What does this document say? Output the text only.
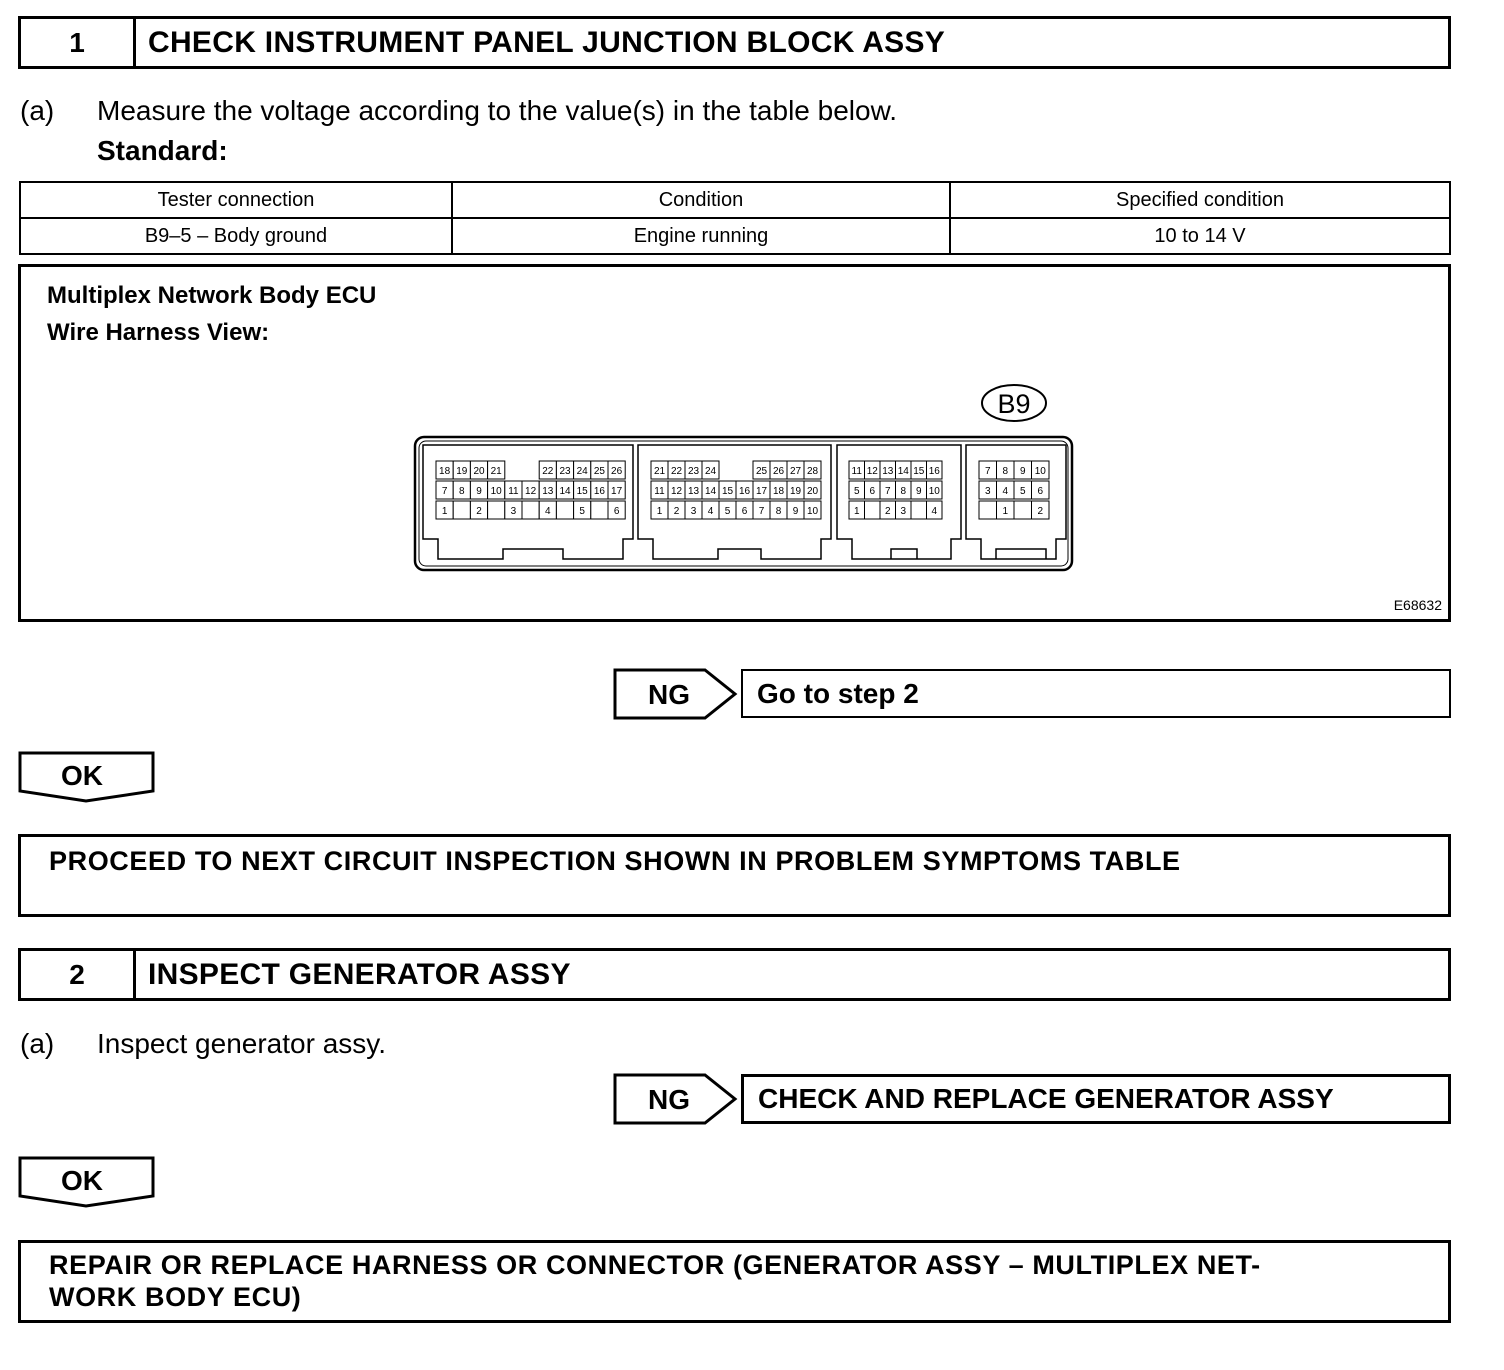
1	CHECK INSTRUMENT PANEL JUNCTION BLOCK ASSY
(a) Measure the voltage according to the value(s) in the table below.
Standard:
Tester connection	Condition	Specified condition
B9–5 – Body ground	Engine running	10 to 14 V
Multiplex Network Body ECU
Wire Harness View:
E68632
B9
18 19 20 21	22 23 24 25 26
7 8 9 10 11 12 13 14 15 16 17
1	2	3	4	5	6
21 22 23 24	25 26 27 28
11 12 13 14 15 16 17 18 19 20
1 2 3 4 5 6 7 8 9 10
11 12 13 14 15 16
5 6 7 8 9 10
1	2 3	4
7 8 9 10
3 4 5 6
1	2
NG	Go to step 2
OK
PROCEED TO NEXT CIRCUIT INSPECTION SHOWN IN PROBLEM SYMPTOMS TABLE
2	INSPECT GENERATOR ASSY
(a) Inspect generator assy.
NG	CHECK AND REPLACE GENERATOR ASSY
OK
REPAIR OR REPLACE HARNESS OR CONNECTOR (GENERATOR ASSY – MULTIPLEX NET-
WORK BODY ECU)
